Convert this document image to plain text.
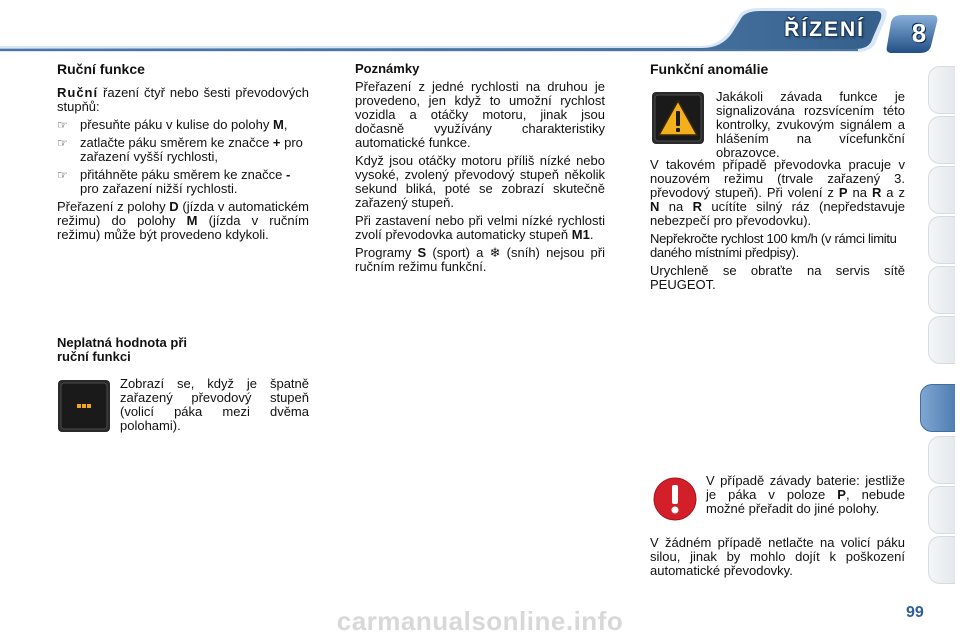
ŘÍZENÍ	8
Ruční funkce

Ruční řazení čtyř nebo šesti převodových stupňů:

☞ přesuňte páku v kulise do polohy M,
☞ zatlačte páku směrem ke značce + pro zařazení vyšší rychlosti,
☞ přitáhněte páku směrem ke značce - pro zařazení nižší rychlosti.

Přeřazení z polohy D (jízda v automatickém režimu) do polohy M (jízda v ručním režimu) může být provedeno kdykoli.

Neplatná hodnota při
ruční funkci
Zobrazí se, když je špatně zařazený převodový stupeň (volicí páka mezi dvěma polohami).
Poznámky

Přeřazení z jedné rychlosti na druhou je provedeno, jen když to umožní rychlost vozidla a otáčky motoru, jinak jsou dočasně využívány charakteristiky automatické funkce.

Když jsou otáčky motoru příliš nízké nebo vysoké, zvolený převodový stupeň několik sekund bliká, poté se zobrazí skutečně zařazený stupeň.

Při zastavení nebo při velmi nízké rychlosti zvolí převodovka automaticky stupeň M1.

Programy S (sport) a ❄ (sníh) nejsou při ručním režimu funkční.

Funkční anomálie
Jakákoli závada funkce je signalizována rozsvícením této kontrolky, zvukovým signálem a hlášením na vícefunkční obrazovce.

V takovém případě převodovka pracuje v nouzovém režimu (trvale zařazený 3. převodový stupeň). Při volení z P na R a z N na R ucítíte silný ráz (nepředstavuje nebezpečí pro převodovku).

Nepřekročte rychlost 100 km/h (v rámci limitu daného místními předpisy).

Urychleně se obraťte na servis sítě PEUGEOT.

V případě závady baterie: jestliže je páka v poloze P, nebude možné přeřadit do jiné polohy.
V žádném případě netlačte na volicí páku silou, jinak by mohlo dojít k poškození automatické převodovky.
99
carmanualsonline.info
